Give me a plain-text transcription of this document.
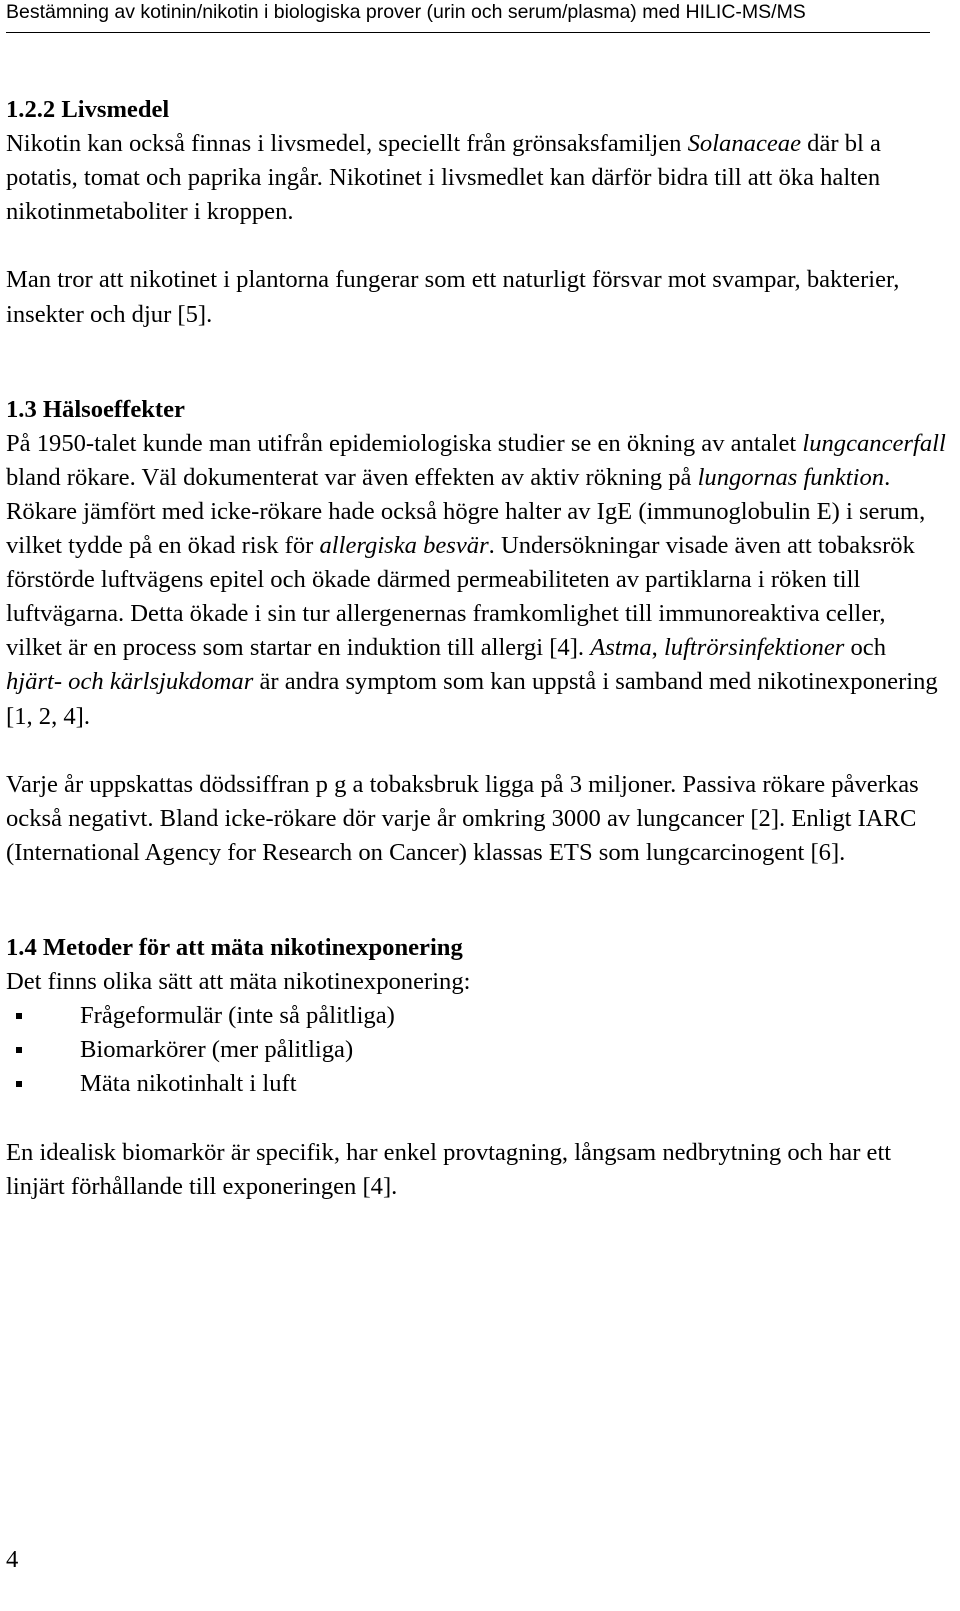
Bestämning av kotinin/nikotin i biologiska prover (urin och serum/plasma) med HILIC-MS/MS
1.2.2 Livsmedel

Nikotin kan också finnas i livsmedel, speciellt från grönsaksfamiljen Solanaceae där bl a potatis, tomat och paprika ingår. Nikotinet i livsmedlet kan därför bidra till att öka halten nikotinmetaboliter i kroppen.

Man tror att nikotinet i plantorna fungerar som ett naturligt försvar mot svampar, bakterier, insekter och djur [5].

1.3 Hälsoeffekter

På 1950-talet kunde man utifrån epidemiologiska studier se en ökning av antalet lungcancerfall bland rökare. Väl dokumenterat var även effekten av aktiv rökning på lungornas funktion. Rökare jämfört med icke-rökare hade också högre halter av IgE (immunoglobulin E) i serum, vilket tydde på en ökad risk för allergiska besvär. Undersökningar visade även att tobaksrök förstörde luftvägens epitel och ökade därmed permeabiliteten av partiklarna i röken till luftvägarna. Detta ökade i sin tur allergenernas framkomlighet till immunoreaktiva celler, vilket är en process som startar en induktion till allergi [4]. Astma, luftrörsinfektioner och hjärt- och kärlsjukdomar är andra symptom som kan uppstå i samband med nikotinexponering [1, 2, 4].

Varje år uppskattas dödssiffran p g a tobaksbruk ligga på 3 miljoner. Passiva rökare påverkas också negativt. Bland icke-rökare dör varje år omkring 3000 av lungcancer [2]. Enligt IARC (International Agency for Research on Cancer) klassas ETS som lungcarcinogent [6].

1.4 Metoder för att mäta nikotinexponering

Det finns olika sätt att mäta nikotinexponering:

Frågeformulär (inte så pålitliga)
Biomarkörer (mer pålitliga)
Mäta nikotinhalt i luft

En idealisk biomarkör är specifik, har enkel provtagning, långsam nedbrytning och har ett linjärt förhållande till exponeringen [4].

4
